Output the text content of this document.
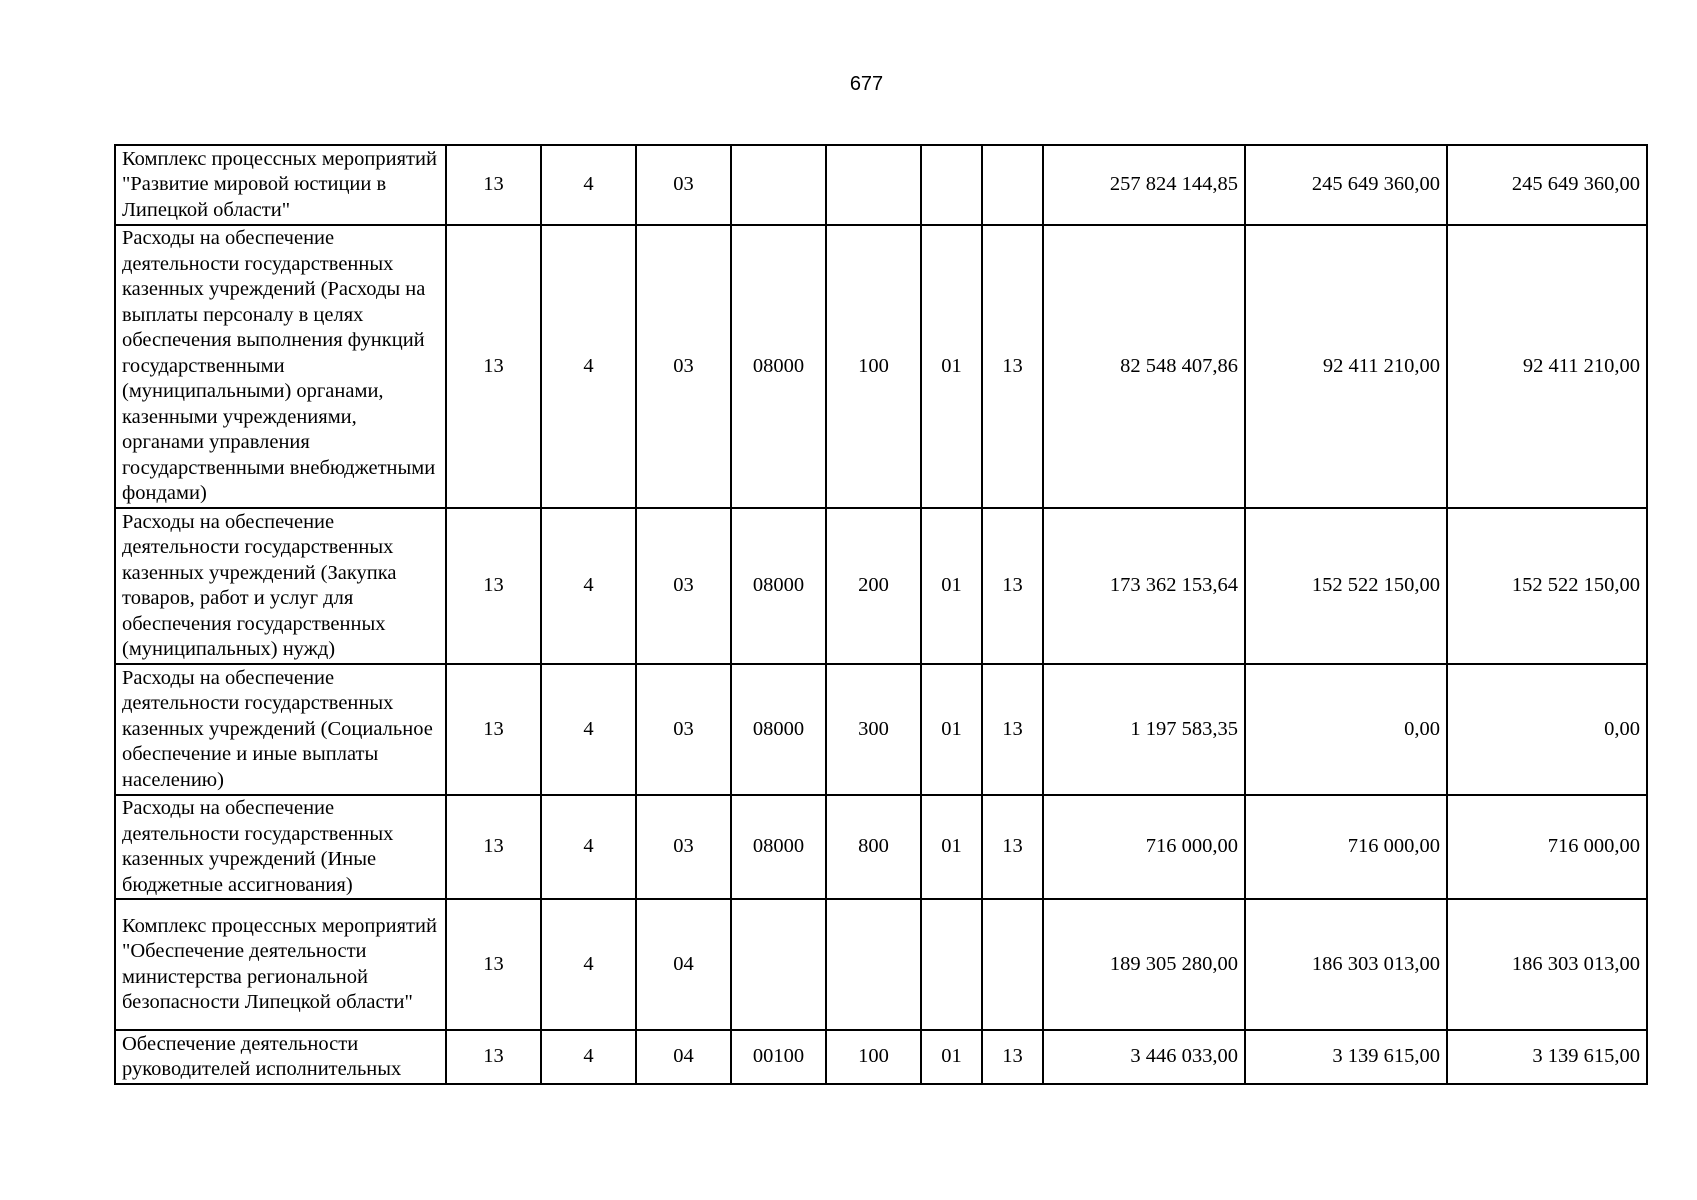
677
Комплекс процессных мероприятий "Развитие мировой юстиции в Липецкой области"	13	4	03					257 824 144,85	245 649 360,00	245 649 360,00
Расходы на обеспечение деятельности государственных казенных учреждений (Расходы на выплаты персоналу в целях обеспечения выполнения функций государственными (муниципальными) органами, казенными учреждениями, органами управления государственными внебюджетными фондами)	13	4	03	08000	100	01	13	82 548 407,86	92 411 210,00	92 411 210,00
Расходы на обеспечение деятельности государственных казенных учреждений (Закупка товаров, работ и услуг для обеспечения государственных (муниципальных) нужд)	13	4	03	08000	200	01	13	173 362 153,64	152 522 150,00	152 522 150,00
Расходы на обеспечение деятельности государственных казенных учреждений (Социальное обеспечение и иные выплаты населению)	13	4	03	08000	300	01	13	1 197 583,35	0,00	0,00
Расходы на обеспечение деятельности государственных казенных учреждений (Иные бюджетные ассигнования)	13	4	03	08000	800	01	13	716 000,00	716 000,00	716 000,00
Комплекс процессных мероприятий "Обеспечение деятельности министерства региональной безопасности Липецкой области"	13	4	04					189 305 280,00	186 303 013,00	186 303 013,00
Обеспечение деятельности руководителей исполнительных	13	4	04	00100	100	01	13	3 446 033,00	3 139 615,00	3 139 615,00
